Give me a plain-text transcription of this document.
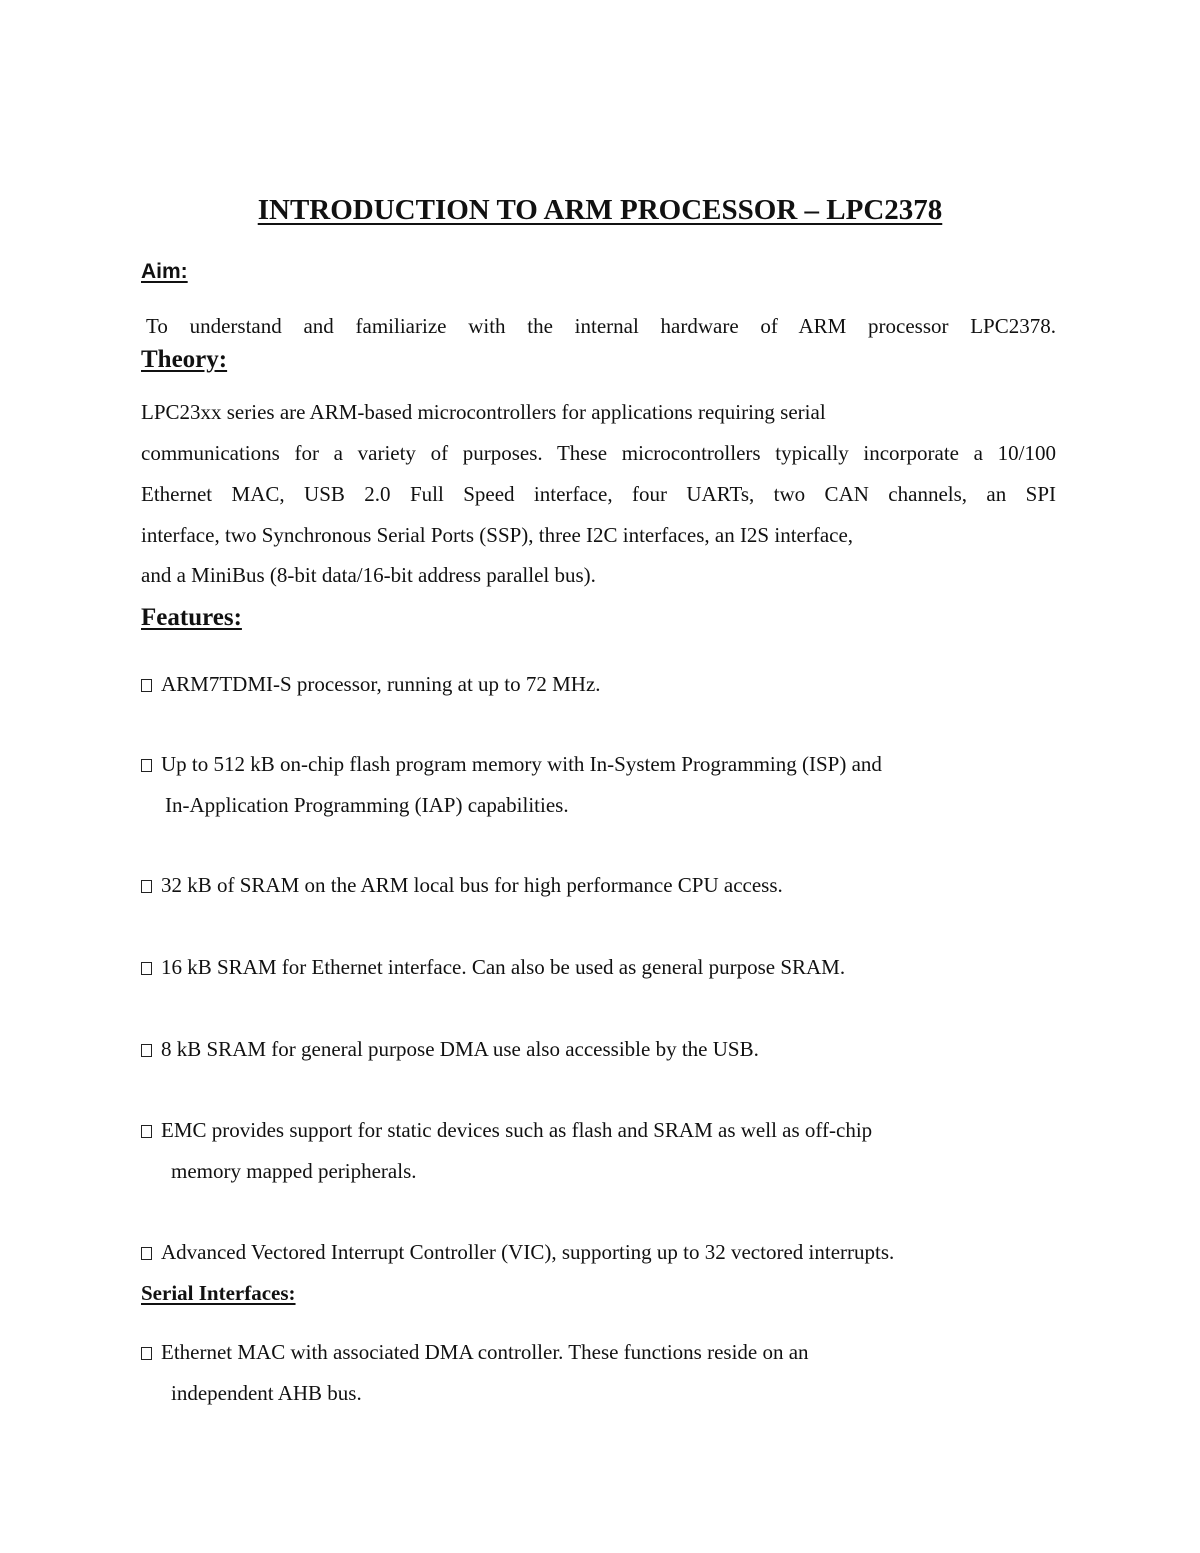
INTRODUCTION TO ARM PROCESSOR – LPC2378
Aim:

To understand and familiarize with the internal hardware of ARM processor LPC2378.

Theory:
LPC23xx series are ARM-based microcontrollers for applications requiring serial
communications for a variety of purposes. These microcontrollers typically incorporate a 10/100
Ethernet MAC, USB 2.0 Full Speed interface, four UARTs, two CAN channels, an SPI
interface, two Synchronous Serial Ports (SSP), three I2C interfaces, an I2S interface,
and a MiniBus (8-bit data/16-bit address parallel bus).
Features:
ARM7TDMI-S processor, running at up to 72 MHz.
Up to 512 kB on-chip flash program memory with In-System Programming (ISP) and
In-Application Programming (IAP) capabilities.
32 kB of SRAM on the ARM local bus for high performance CPU access.
16 kB SRAM for Ethernet interface. Can also be used as general purpose SRAM.
8 kB SRAM for general purpose DMA use also accessible by the USB.
EMC provides support for static devices such as flash and SRAM as well as off-chip
memory mapped peripherals.
Advanced Vectored Interrupt Controller (VIC), supporting up to 32 vectored interrupts.
Serial Interfaces:
Ethernet MAC with associated DMA controller. These functions reside on an
independent AHB bus.
